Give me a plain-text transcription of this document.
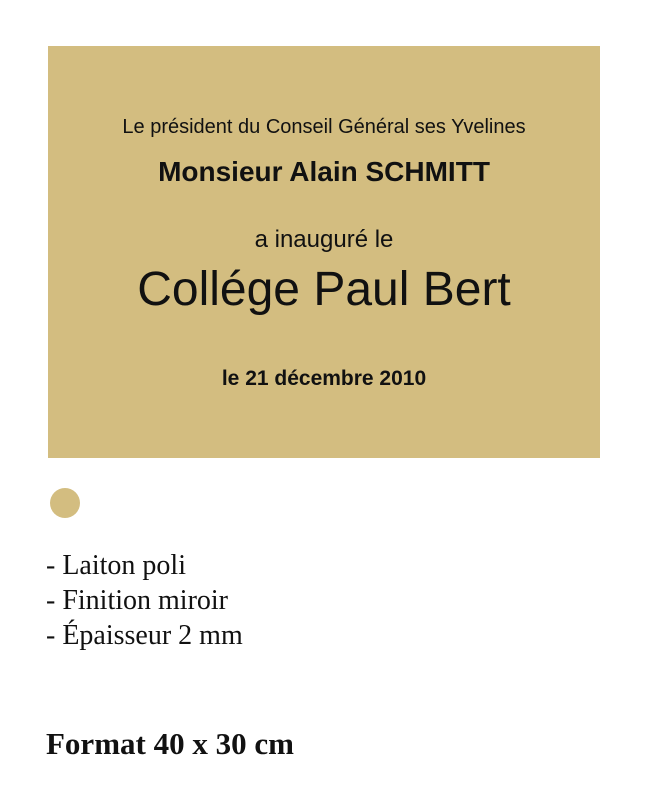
Le président du Conseil Général ses Yvelines
Monsieur Alain SCHMITT
a inauguré le
Collége Paul Bert
le 21 décembre 2010
- Laiton poli
- Finition miroir
- Épaisseur 2 mm
Format 40 x 30 cm
